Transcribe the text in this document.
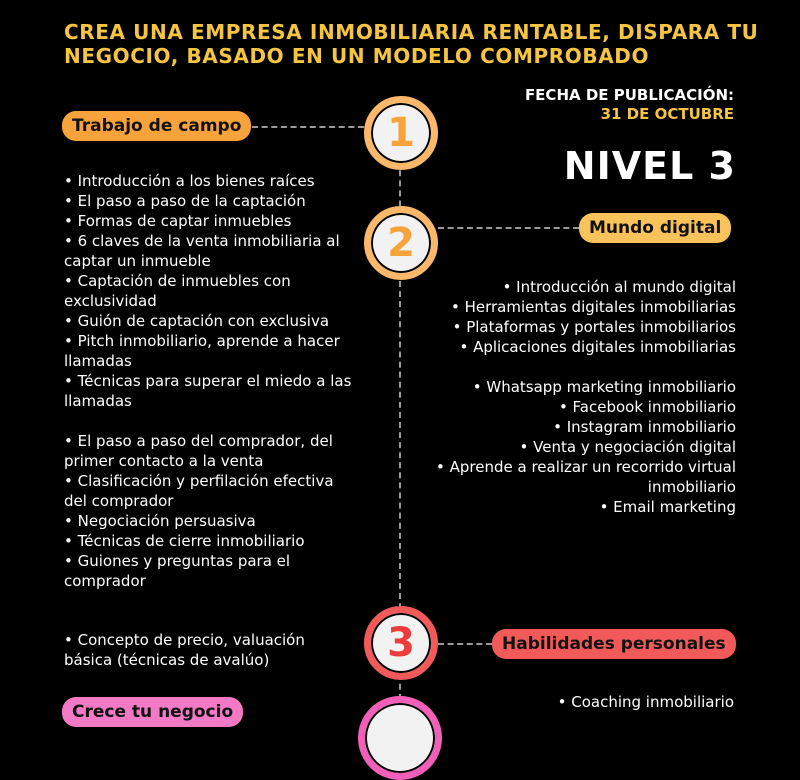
CREA UNA EMPRESA INMOBILIARIA RENTABLE, DISPARA TU NEGOCIO, BASADO EN UN MODELO COMPROBADO
FECHA DE PUBLICACIÓN:
31 DE OCTUBRE
NIVEL 3
1
2
3
Trabajo de campo
Mundo digital
Habilidades personales
Crece tu negocio
• Introducción a los bienes raíces
• El paso a paso de la captación
• Formas de captar inmuebles
• 6 claves de la venta inmobiliaria al captar un inmueble
• Captación de inmuebles con exclusividad
• Guión de captación con exclusiva
• Pitch inmobiliario, aprende a hacer llamadas
• Técnicas para superar el miedo a las llamadas
• El paso a paso del comprador, del primer contacto a la venta
• Clasificación y perfilación efectiva del comprador
• Negociación persuasiva
• Técnicas de cierre inmobiliario
• Guiones y preguntas para el comprador
• Introducción al mundo digital
• Herramientas digitales inmobiliarias
• Plataformas y portales inmobiliarios
• Aplicaciones digitales inmobiliarias
• Whatsapp marketing inmobiliario
• Facebook inmobiliario
• Instagram inmobiliario
• Venta y negociación digital
• Aprende a realizar un recorrido virtual inmobiliario
• Email marketing
• Concepto de precio, valuación básica (técnicas de avalúo)
• Coaching inmobiliario
